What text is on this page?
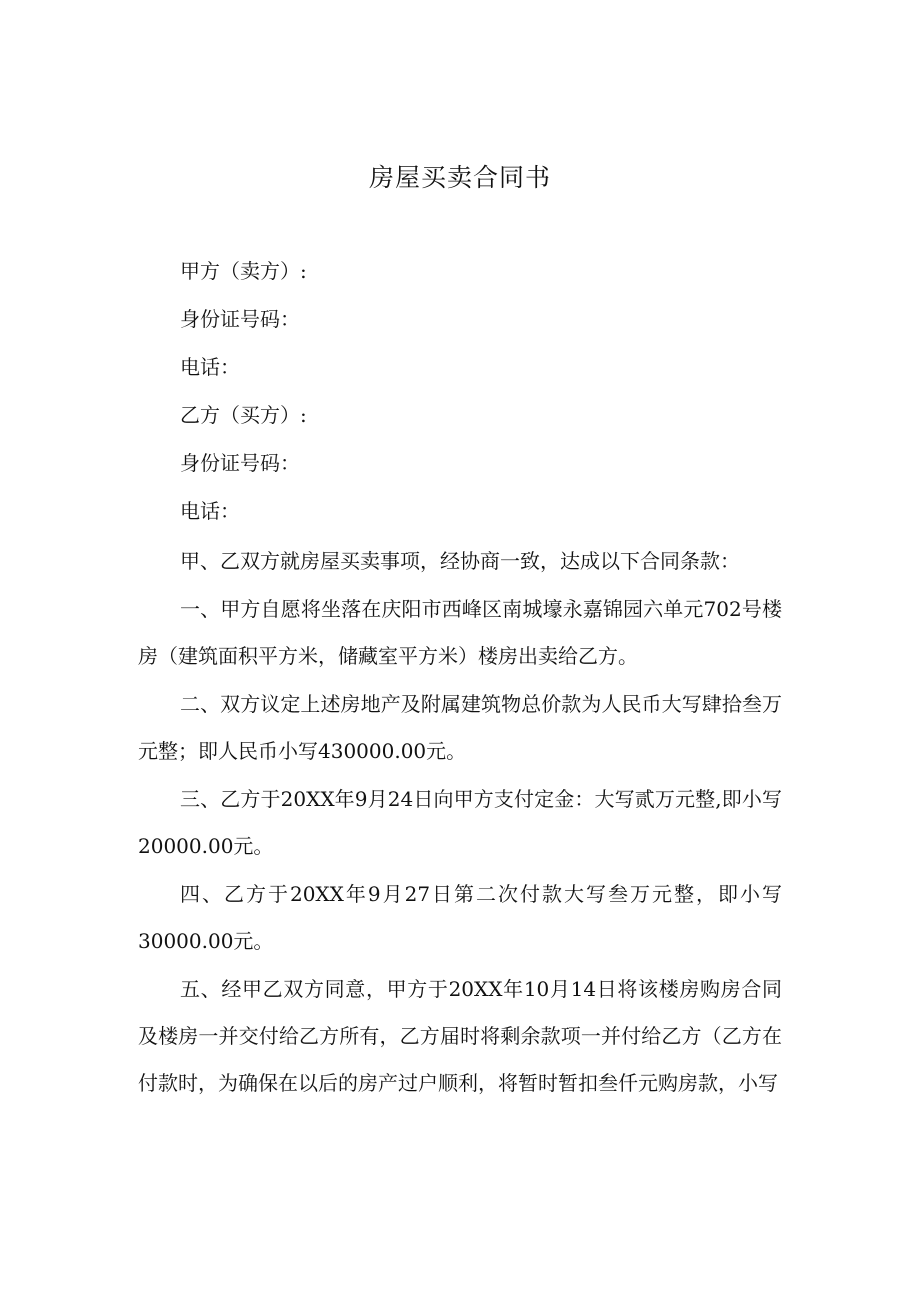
房屋买卖合同书
甲方（卖方）:
身份证号码：
电话：
乙方（买方）:
身份证号码：
电话：
甲、乙双方就房屋买卖事项，经协商一致，达成以下合同条款：
一、甲方自愿将坐落在庆阳市西峰区南城壕永嘉锦园六单元702号楼房（建筑面积平方米，储藏室平方米）楼房出卖给乙方。
二、双方议定上述房地产及附属建筑物总价款为人民币大写肆拾叁万元整；即人民币小写430000.00元。
三、乙方于20XX年9月24日向甲方支付定金：大写贰万元整,即小写20000.00元。
四、乙方于20XX年9月27日第二次付款大写叁万元整，即小写30000.00元。
五、经甲乙双方同意，甲方于20XX年10月14日将该楼房购房合同及楼房一并交付给乙方所有，乙方届时将剩余款项一并付给乙方（乙方在付款时，为确保在以后的房产过户顺利，将暂时暂扣叁仟元购房款，小写
